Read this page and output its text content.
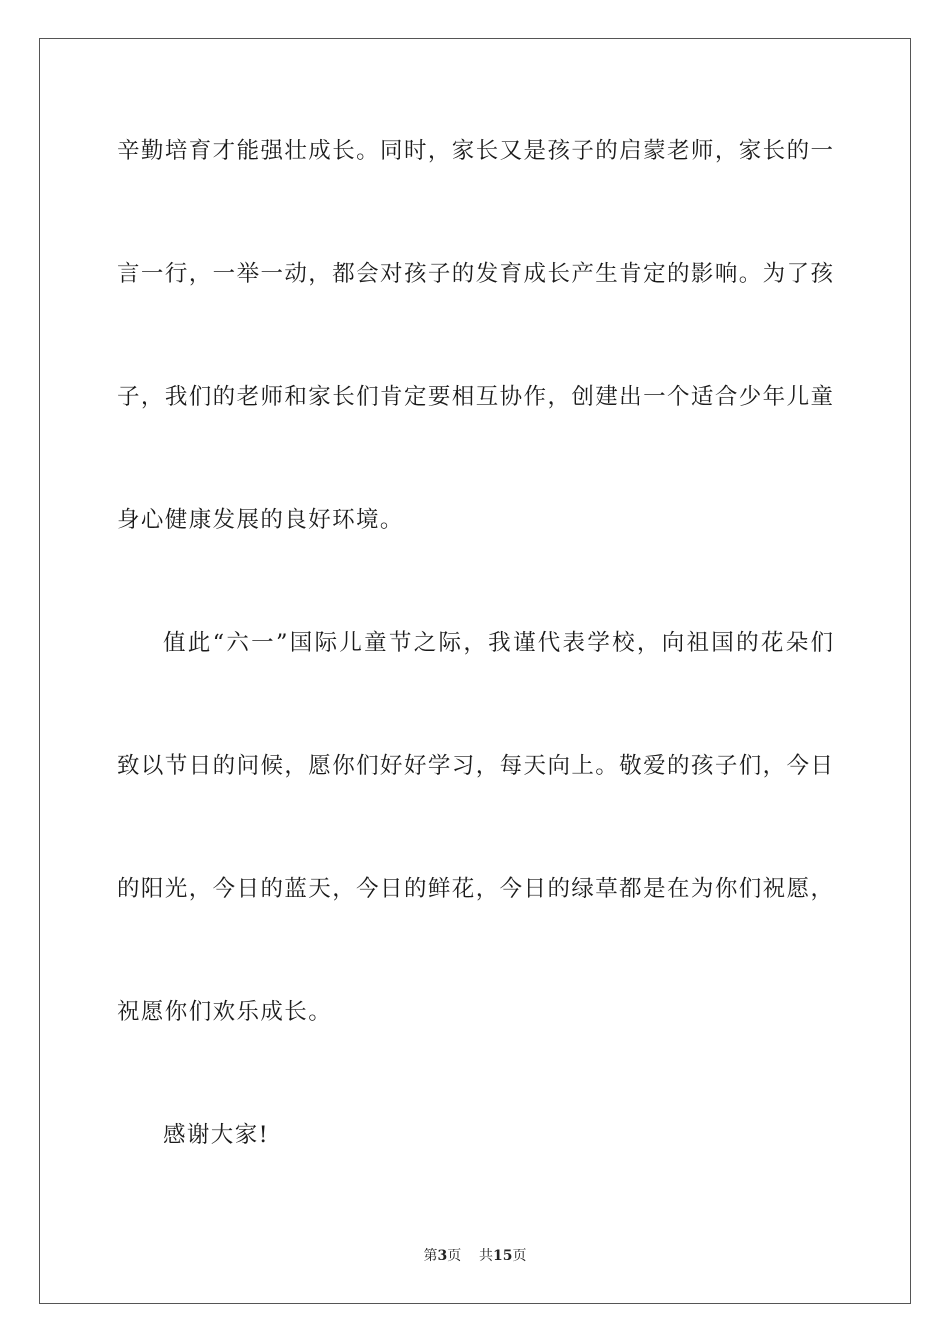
辛勤培育才能强壮成长。同时，家长又是孩子的启蒙老师，家长的一
言一行，一举一动，都会对孩子的发育成长产生肯定的影响。为了孩
子，我们的老师和家长们肯定要相互协作，创建出一个适合少年儿童
身心健康发展的良好环境。
值此“六一”国际儿童节之际，我谨代表学校，向祖国的花朵们
致以节日的问候，愿你们好好学习，每天向上。敬爱的孩子们，今日
的阳光，今日的蓝天，今日的鲜花，今日的绿草都是在为你们祝愿，
祝愿你们欢乐成长。
感谢大家!
第3页 共15页
